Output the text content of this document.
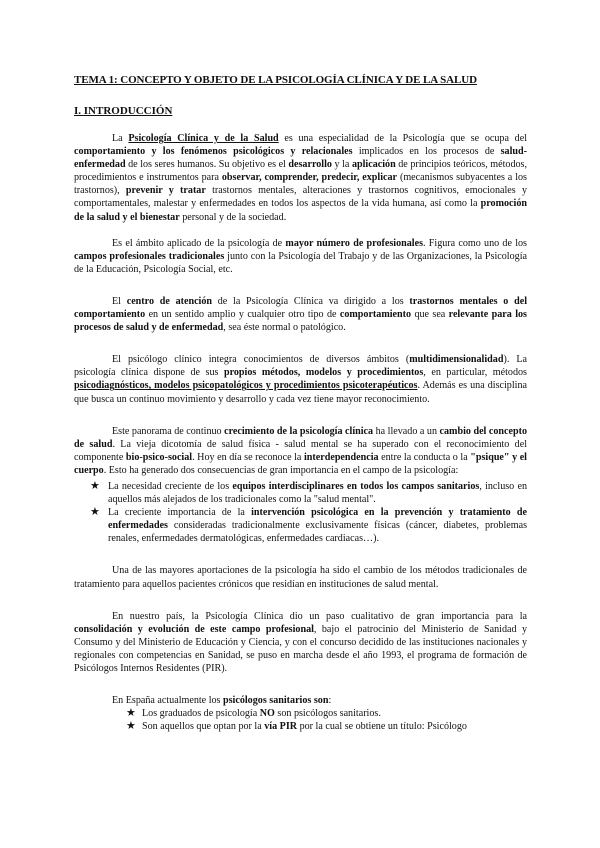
TEMA 1: CONCEPTO Y OBJETO DE LA PSICOLOGÍA CLÍNICA Y DE LA SALUD
I. INTRODUCCIÓN

La Psicología Clínica y de la Salud es una especialidad de la Psicología que se ocupa del comportamiento y los fenómenos psicológicos y relacionales implicados en los procesos de salud-enfermedad de los seres humanos. Su objetivo es el desarrollo y la aplicación de principios teóricos, métodos, procedimientos e instrumentos para observar, comprender, predecir, explicar (mecanismos subyacentes a los trastornos), prevenir y tratar trastornos mentales, alteraciones y trastornos cognitivos, emocionales y comportamentales, malestar y enfermedades en todos los aspectos de la vida humana, así como la promoción de la salud y el bienestar personal y de la sociedad.

Es el ámbito aplicado de la psicología de mayor número de profesionales. Figura como uno de los campos profesionales tradicionales junto con la Psicología del Trabajo y de las Organizaciones, la Psicología de la Educación, Psicología Social, etc.

El centro de atención de la Psicología Clínica va dirigido a los trastornos mentales o del comportamiento en un sentido amplio y cualquier otro tipo de comportamiento que sea relevante para los procesos de salud y de enfermedad, sea éste normal o patológico.

El psicólogo clínico integra conocimientos de diversos ámbitos (multidimensionalidad). La psicología clínica dispone de sus propios métodos, modelos y procedimientos, en particular, métodos psicodiagnósticos, modelos psicopatológicos y procedimientos psicoterapéuticos. Además es una disciplina que busca un continuo movimiento y desarrollo y cada vez tiene mayor reconocimiento.

Este panorama de continuo crecimiento de la psicología clínica ha llevado a un cambio del concepto de salud. La vieja dicotomía de salud física - salud mental se ha superado con el reconocimiento del componente bio-psico-social. Hoy en día se reconoce la interdependencia entre la conducta o la "psique" y el cuerpo. Esto ha generado dos consecuencias de gran importancia en el campo de la psicología:

★ La necesidad creciente de los equipos interdisciplinares en todos los campos sanitarios, incluso en aquellos más alejados de los tradicionales como la "salud mental".
★ La creciente importancia de la intervención psicológica en la prevención y tratamiento de enfermedades consideradas tradicionalmente exclusivamente físicas (cáncer, diabetes, problemas renales, enfermedades dermatológicas, enfermedades cardiacas…).

Una de las mayores aportaciones de la psicología ha sido el cambio de los métodos tradicionales de tratamiento para aquellos pacientes crónicos que residían en instituciones de salud mental.

En nuestro país, la Psicología Clínica dio un paso cualitativo de gran importancia para la consolidación y evolución de este campo profesional, bajo el patrocinio del Ministerio de Sanidad y Consumo y del Ministerio de Educación y Ciencia, y con el concurso decidido de las instituciones nacionales y regionales con competencias en Sanidad, se puso en marcha desde el año 1993, el programa de formación de Psicólogos Internos Residentes (PIR).

En España actualmente los psicólogos sanitarios son:

★ Los graduados de psicología NO son psicólogos sanitarios.
★ Son aquellos que optan por la vía PIR por la cual se obtiene un título: Psicólogo
